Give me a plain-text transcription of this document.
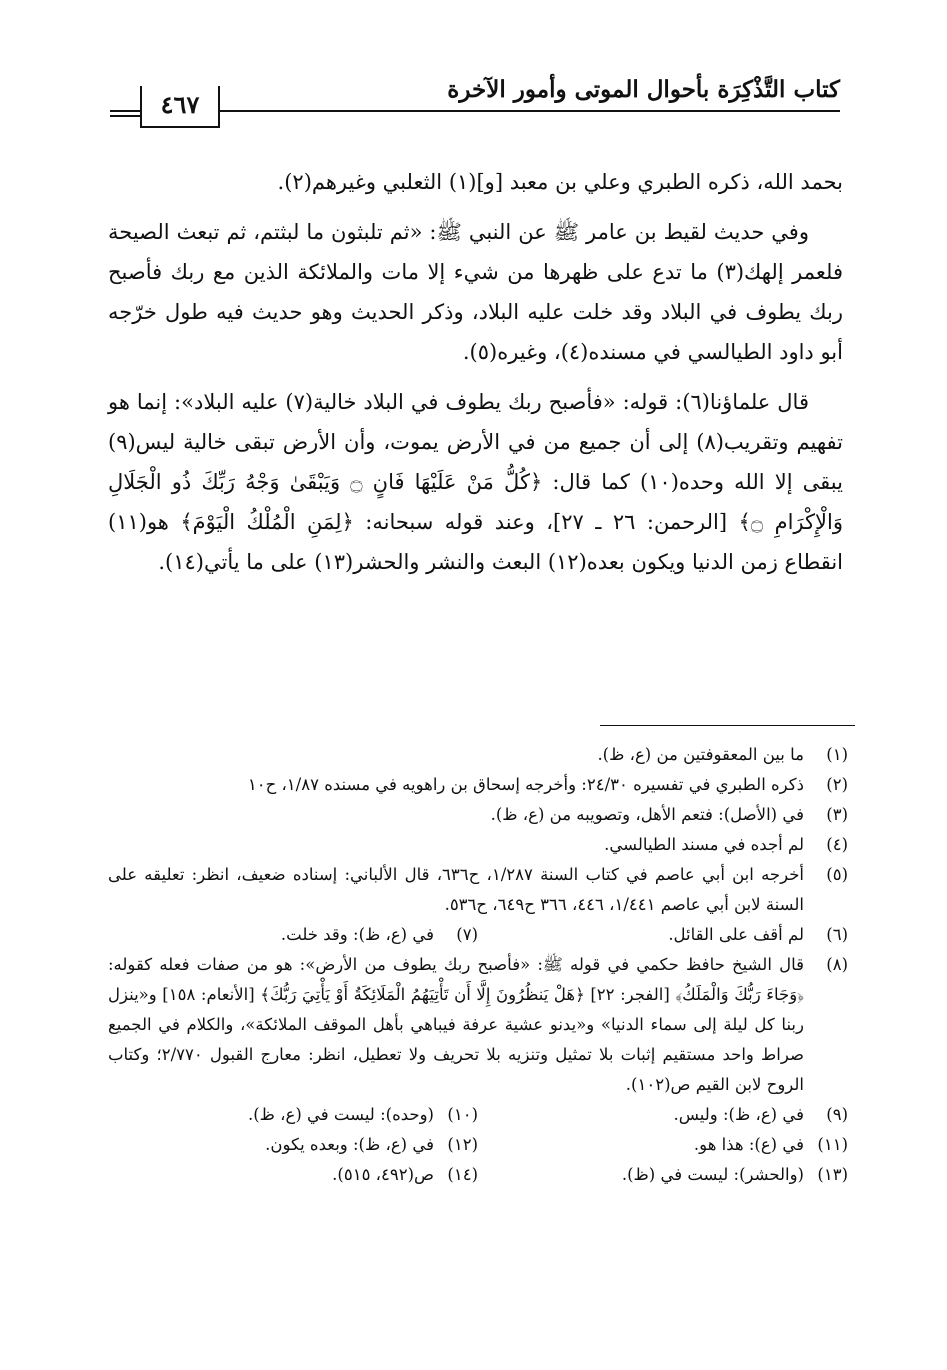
كتاب التَّذْكِرَة بأحوال الموتى وأمور الآخرة
٤٦٧

بحمد الله، ذكره الطبري وعلي بن معبد [و](١) الثعلبي وغيرهم(٢).

وفي حديث لقيط بن عامر ﷺ عن النبي ﷺ: «ثم تلبثون ما لبثتم، ثم تبعث الصيحة فلعمر إلهك(٣) ما تدع على ظهرها من شيء إلا مات والملائكة الذين مع ربك فأصبح ربك يطوف في البلاد وقد خلت عليه البلاد، وذكر الحديث وهو حديث فيه طول خرّجه أبو داود الطيالسي في مسنده(٤)، وغيره(٥).

قال علماؤنا(٦): قوله: «فأصبح ربك يطوف في البلاد خالية(٧) عليه البلاد»: إنما هو تفهيم وتقريب(٨) إلى أن جميع من في الأرض يموت، وأن الأرض تبقى خالية ليس(٩) يبقى إلا الله وحده(١٠) كما قال: ﴿كُلُّ مَنْ عَلَيْهَا فَانٍ ۝ وَيَبْقَىٰ وَجْهُ رَبِّكَ ذُو الْجَلَالِ وَالْإِكْرَامِ ۝﴾ [الرحمن: ٢٦ ـ ٢٧]، وعند قوله سبحانه: ﴿لِمَنِ الْمُلْكُ الْيَوْمَ﴾ هو(١١) انقطاع زمن الدنيا ويكون بعده(١٢) البعث والنشر والحشر(١٣) على ما يأتي(١٤).

(١)
ما بين المعقوفتين من (ع، ظ).
(٢)
ذكره الطبري في تفسيره ٢٤/٣٠: وأخرجه إسحاق بن راهويه في مسنده ١/٨٧، ح١٠
(٣)
في (الأصل): فتعم الأهل، وتصويبه من (ع، ظ).
(٤)
لم أجده في مسند الطيالسي.
(٥)
أخرجه ابن أبي عاصم في كتاب السنة ١/٢٨٧، ح٦٣٦، قال الألباني: إسناده ضعيف، انظر: تعليقه على السنة لابن أبي عاصم ١/٤٤١، ٤٤٦، ٣٦٦ ح٦٤٩، ح٥٣٦.
(٦)
لم أقف على القائل.
(٧)
في (ع، ظ): وقد خلت.
(٨)
قال الشيخ حافظ حكمي في قوله ﷺ: «فأصبح ربك يطوف من الأرض»: هو من صفات فعله كقوله: ﴿وَجَاءَ رَبُّكَ وَالْمَلَكُ﴾ [الفجر: ٢٢] ﴿هَلْ يَنظُرُونَ إِلَّا أَن تَأْتِيَهُمُ الْمَلَائِكَةُ أَوْ يَأْتِيَ رَبُّكَ﴾ [الأنعام: ١٥٨] و«ينزل ربنا كل ليلة إلى سماء الدنيا» و«يدنو عشية عرفة فيباهي بأهل الموقف الملائكة»، والكلام في الجميع صراط واحد مستقيم إثبات بلا تمثيل وتنزيه بلا تحريف ولا تعطيل، انظر: معارج القبول ٢/٧٧٠؛ وكتاب الروح لابن القيم ص(١٠٢).
(٩)
في (ع، ظ): وليس.
(١٠)
(وحده): ليست في (ع، ظ).
(١١)
في (ع): هذا هو.
(١٢)
في (ع، ظ): وبعده يكون.
(١٣)
(والحشر): ليست في (ظ).
(١٤)
ص(٤٩٢، ٥١٥).
